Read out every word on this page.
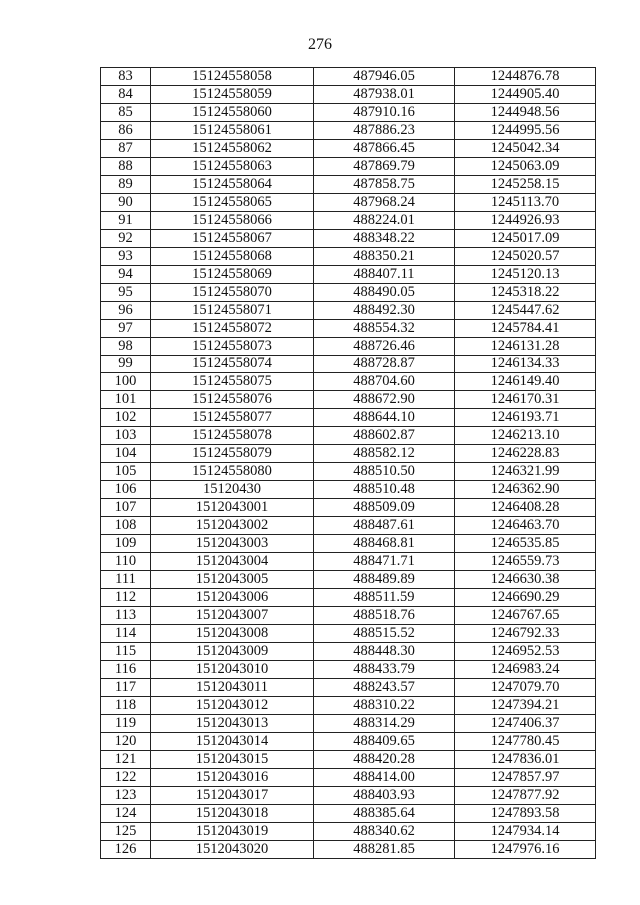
276
83	15124558058	487946.05	1244876.78
84	15124558059	487938.01	1244905.40
85	15124558060	487910.16	1244948.56
86	15124558061	487886.23	1244995.56
87	15124558062	487866.45	1245042.34
88	15124558063	487869.79	1245063.09
89	15124558064	487858.75	1245258.15
90	15124558065	487968.24	1245113.70
91	15124558066	488224.01	1244926.93
92	15124558067	488348.22	1245017.09
93	15124558068	488350.21	1245020.57
94	15124558069	488407.11	1245120.13
95	15124558070	488490.05	1245318.22
96	15124558071	488492.30	1245447.62
97	15124558072	488554.32	1245784.41
98	15124558073	488726.46	1246131.28
99	15124558074	488728.87	1246134.33
100	15124558075	488704.60	1246149.40
101	15124558076	488672.90	1246170.31
102	15124558077	488644.10	1246193.71
103	15124558078	488602.87	1246213.10
104	15124558079	488582.12	1246228.83
105	15124558080	488510.50	1246321.99
106	15120430	488510.48	1246362.90
107	1512043001	488509.09	1246408.28
108	1512043002	488487.61	1246463.70
109	1512043003	488468.81	1246535.85
110	1512043004	488471.71	1246559.73
111	1512043005	488489.89	1246630.38
112	1512043006	488511.59	1246690.29
113	1512043007	488518.76	1246767.65
114	1512043008	488515.52	1246792.33
115	1512043009	488448.30	1246952.53
116	1512043010	488433.79	1246983.24
117	1512043011	488243.57	1247079.70
118	1512043012	488310.22	1247394.21
119	1512043013	488314.29	1247406.37
120	1512043014	488409.65	1247780.45
121	1512043015	488420.28	1247836.01
122	1512043016	488414.00	1247857.97
123	1512043017	488403.93	1247877.92
124	1512043018	488385.64	1247893.58
125	1512043019	488340.62	1247934.14
126	1512043020	488281.85	1247976.16
